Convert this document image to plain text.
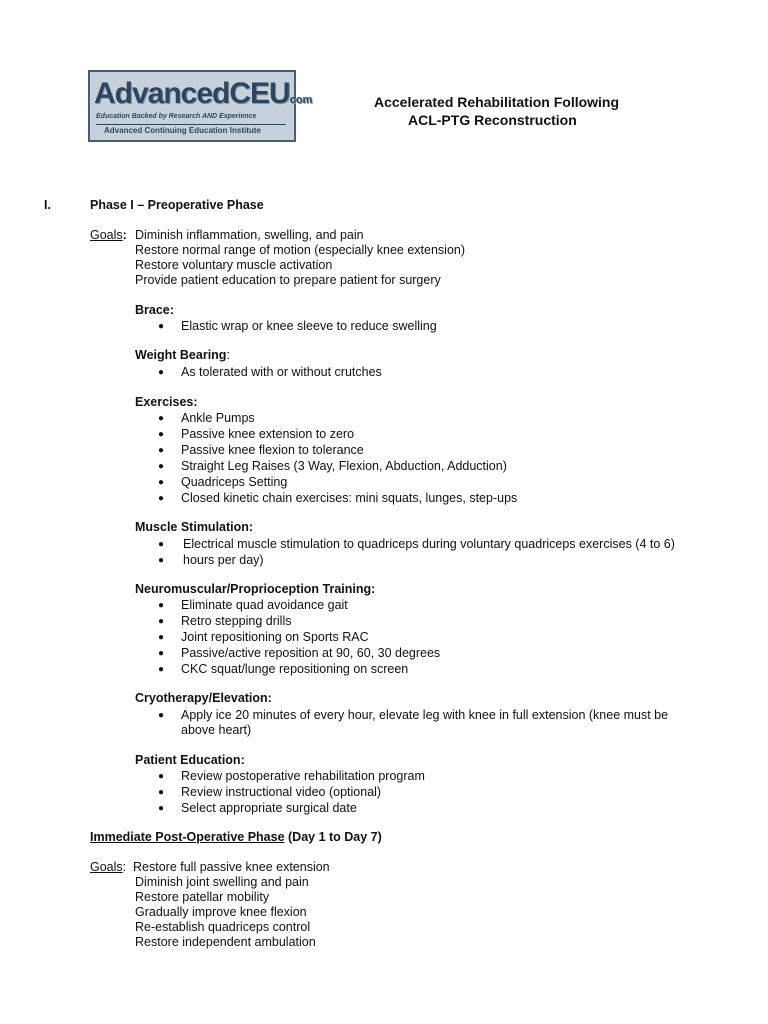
AdvancedCEUcom
Education Backed by Research AND Experience
Advanced Continuing Education Institute
Accelerated Rehabilitation Following
ACL-PTG Reconstruction
I.	Phase I – Preoperative Phase
Goals: Diminish inflammation, swelling, and pain
Restore normal range of motion (especially knee extension)
Restore voluntary muscle activation
Provide patient education to prepare patient for surgery
Brace:
● Elastic wrap or knee sleeve to reduce swelling
Weight Bearing:
● As tolerated with or without crutches
Exercises:
● Ankle Pumps
● Passive knee extension to zero
● Passive knee flexion to tolerance
● Straight Leg Raises (3 Way, Flexion, Abduction, Adduction)
● Quadriceps Setting
● Closed kinetic chain exercises: mini squats, lunges, step-ups
Muscle Stimulation:
● Electrical muscle stimulation to quadriceps during voluntary quadriceps exercises (4 to 6)
● hours per day)
Neuromuscular/Proprioception Training:
● Eliminate quad avoidance gait
● Retro stepping drills
● Joint repositioning on Sports RAC
● Passive/active reposition at 90, 60, 30 degrees
● CKC squat/lunge repositioning on screen
Cryotherapy/Elevation:
● Apply ice 20 minutes of every hour, elevate leg with knee in full extension (knee must be
above heart)
Patient Education:
● Review postoperative rehabilitation program
● Review instructional video (optional)
● Select appropriate surgical date
Immediate Post-Operative Phase (Day 1 to Day 7)
Goals: Restore full passive knee extension
Diminish joint swelling and pain
Restore patellar mobility
Gradually improve knee flexion
Re-establish quadriceps control
Restore independent ambulation
